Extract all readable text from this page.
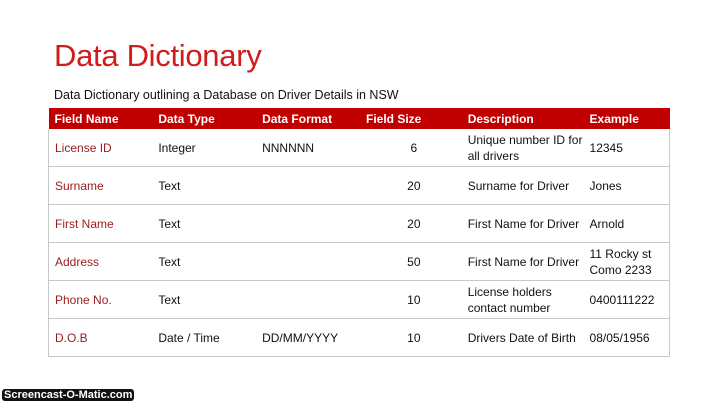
Data Dictionary
Data Dictionary outlining a Database on Driver Details in NSW
Field Name	Data Type	Data Format	Field Size	Description	Example
License ID	Integer	NNNNNN	6	Unique number ID for all drivers	12345
Surname	Text		20	Surname for Driver	Jones
First Name	Text		20	First Name for Driver	Arnold
Address	Text		50	First Name for Driver	11 Rocky st Como 2233
Phone No.	Text		10	License holders contact number	0400111222
D.O.B	Date / Time	DD/MM/YYYY	10	Drivers Date of Birth	08/05/1956
Screencast-O-Matic.com
